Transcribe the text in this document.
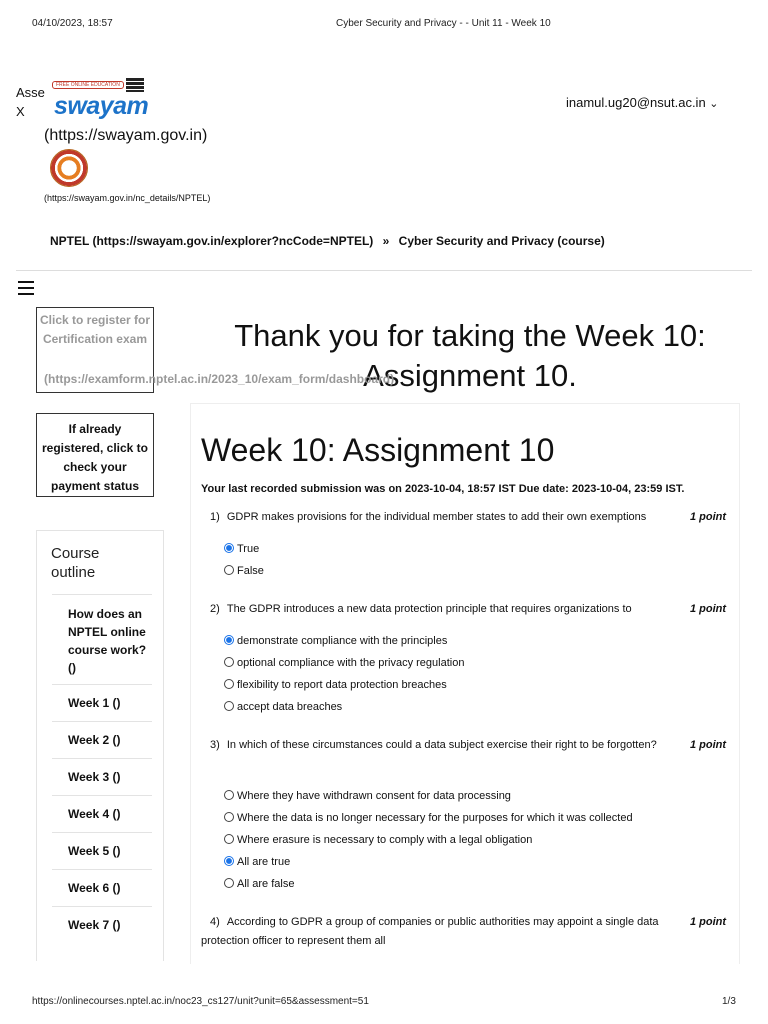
04/10/2023, 18:57	Cyber Security and Privacy - - Unit 11 - Week 10
Asse
X
FREE ONLINE EDUCATION
swayam
(https://swayam.gov.in)
(https://swayam.gov.in/nc_details/NPTEL)
inamul.ug20@nsut.ac.in ⌄
NPTEL (https://swayam.gov.in/explorer?ncCode=NPTEL) » Cyber Security and Privacy (course)
Click to register for Certification exam
If already registered, click to check your payment status
Thank you for taking the Week 10: Assignment 10.
(https://examform.nptel.ac.in/2023_10/exam_form/dashboard)
Course outline
How does an NPTEL online course work? ()
Week 1 ()
Week 2 ()
Week 3 ()
Week 4 ()
Week 5 ()
Week 6 ()
Week 7 ()
Week 10: Assignment 10
Your last recorded submission was on 2023-10-04, 18:57 IST Due date: 2023-10-04, 23:59 IST.
1) GDPR makes provisions for the individual member states to add their own exemptions	1 point
True
False
2) The GDPR introduces a new data protection principle that requires organizations to	1 point
demonstrate compliance with the principles
optional compliance with the privacy regulation
flexibility to report data protection breaches
accept data breaches
3) In which of these circumstances could a data subject exercise their right to be forgotten?	1 point
Where they have withdrawn consent for data processing
Where the data is no longer necessary for the purposes for which it was collected
Where erasure is necessary to comply with a legal obligation
All are true
All are false
4) According to GDPR a group of companies or public authorities may appoint a single data protection officer to represent them all
1 point
https://onlinecourses.nptel.ac.in/noc23_cs127/unit?unit=65&assessment=51	1/3
